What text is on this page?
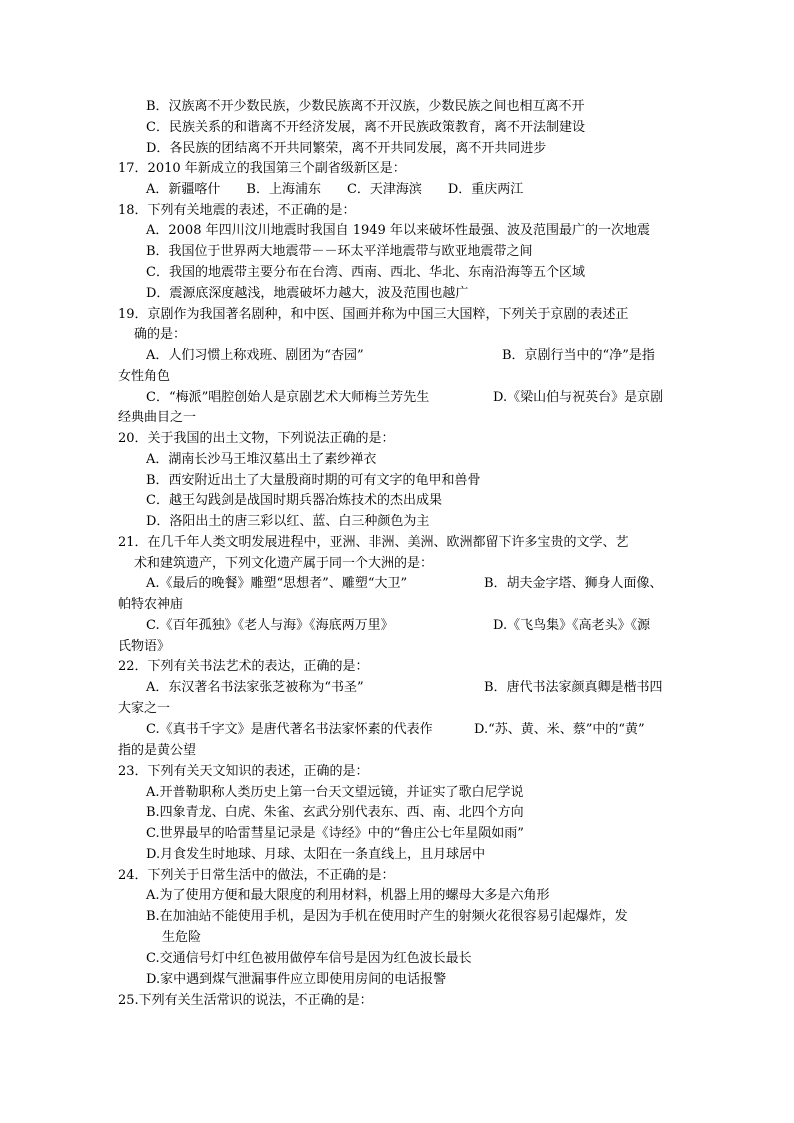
B．汉族离不开少数民族，少数民族离不开汉族，少数民族之间也相互离不开
C．民族关系的和谐离不开经济发展，离不开民族政策教育，离不开法制建设
D．各民族的团结离不开共同繁荣，离不开共同发展，离不开共同进步
17．2010 年新成立的我国第三个副省级新区是：
A．新疆喀什　　B．上海浦东　　C．天津海滨　　D．重庆两江
18．下列有关地震的表述，不正确的是：
A．2008 年四川汶川地震时我国自 1949 年以来破坏性最强、波及范围最广的一次地震
B．我国位于世界两大地震带－－环太平洋地震带与欧亚地震带之间
C．我国的地震带主要分布在台湾、西南、西北、华北、东南沿海等五个区域
D．震源底深度越浅，地震破坏力越大，波及范围也越广
19．京剧作为我国著名剧种，和中医、国画并称为中国三大国粹，下列关于京剧的表述正
确的是：
A．人们习惯上称戏班、剧团为“杏园”	B．京剧行当中的“净”是指
女性角色
C．“梅派”唱腔创始人是京剧艺术大师梅兰芳先生	D.《梁山伯与祝英台》是京剧
经典曲目之一
20．关于我国的出土文物，下列说法正确的是：
A．湖南长沙马王堆汉墓出土了素纱禅衣
B．西安附近出土了大量殷商时期的可有文字的龟甲和兽骨
C．越王勾践剑是战国时期兵器冶炼技术的杰出成果
D．洛阳出土的唐三彩以红、蓝、白三种颜色为主
21．在几千年人类文明发展进程中，亚洲、非洲、美洲、欧洲都留下许多宝贵的文学、艺
术和建筑遗产，下列文化遗产属于同一个大洲的是：
A.《最后的晚餐》雕塑“思想者”、雕塑“大卫”	B．胡夫金字塔、狮身人面像、
帕特农神庙
C.《百年孤独》《老人与海》《海底两万里》	D.《飞鸟集》《高老头》《源
氏物语》
22．下列有关书法艺术的表达，正确的是：
A．东汉著名书法家张芝被称为“书圣”	B．唐代书法家颜真卿是楷书四
大家之一
C.《真书千字文》是唐代著名书法家怀素的代表作	D.“苏、黄、米、蔡”中的“黄”
指的是黄公望
23．下列有关天文知识的表述，正确的是：
A.开普勒职称人类历史上第一台天文望远镜，并证实了歌白尼学说
B.四象青龙、白虎、朱雀、玄武分别代表东、西、南、北四个方向
C.世界最早的哈雷彗星记录是《诗经》中的“鲁庄公七年星陨如雨”
D.月食发生时地球、月球、太阳在一条直线上，且月球居中
24．下列关于日常生活中的做法，不正确的是：
A.为了使用方便和最大限度的利用材料，机器上用的螺母大多是六角形
B.在加油站不能使用手机，是因为手机在使用时产生的射频火花很容易引起爆炸，发
生危险
C.交通信号灯中红色被用做停车信号是因为红色波长最长
D.家中遇到煤气泄漏事件应立即使用房间的电话报警
25.下列有关生活常识的说法，不正确的是：
